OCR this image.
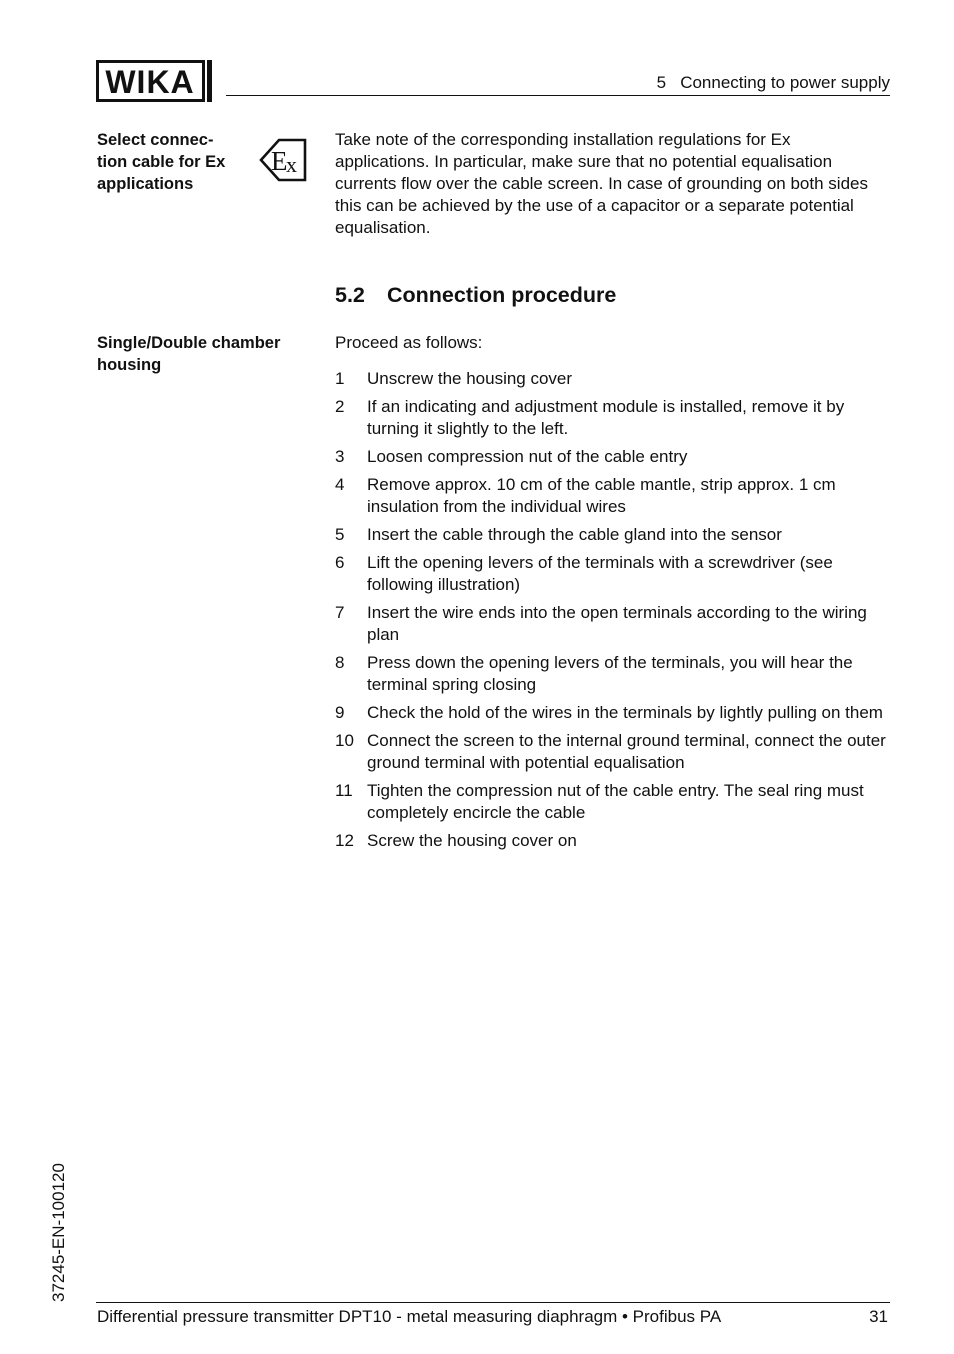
WIKA	5   Connecting to power supply
Select connec-
tion cable for Ex
applications
E
x
Take note of the corresponding installation regulations for Ex
applications. In particular, make sure that no potential equalisation
currents flow over the cable screen. In case of grounding on both sides
this can be achieved by the use of a capacitor or a separate potential
equalisation.
5.2 Connection procedure
Single/Double chamber
housing
Proceed as follows:
1	Unscrew the housing cover
2	If an indicating and adjustment module is installed, remove it by turning it slightly to the left.
3	Loosen compression nut of the cable entry
4	Remove approx. 10 cm of the cable mantle, strip approx. 1 cm insulation from the individual wires
5	Insert the cable through the cable gland into the sensor
6	Lift the opening levers of the terminals with a screwdriver (see following illustration)
7	Insert the wire ends into the open terminals according to the wiring plan
8	Press down the opening levers of the terminals, you will hear the terminal spring closing
9	Check the hold of the wires in the terminals by lightly pulling on them
10 Connect the screen to the internal ground terminal, connect the outer ground terminal with potential equalisation
11 Tighten the compression nut of the cable entry. The seal ring must completely encircle the cable
12 Screw the housing cover on
37245-EN-100120
Differential pressure transmitter DPT10 - metal measuring diaphragm • Profibus PA	31
